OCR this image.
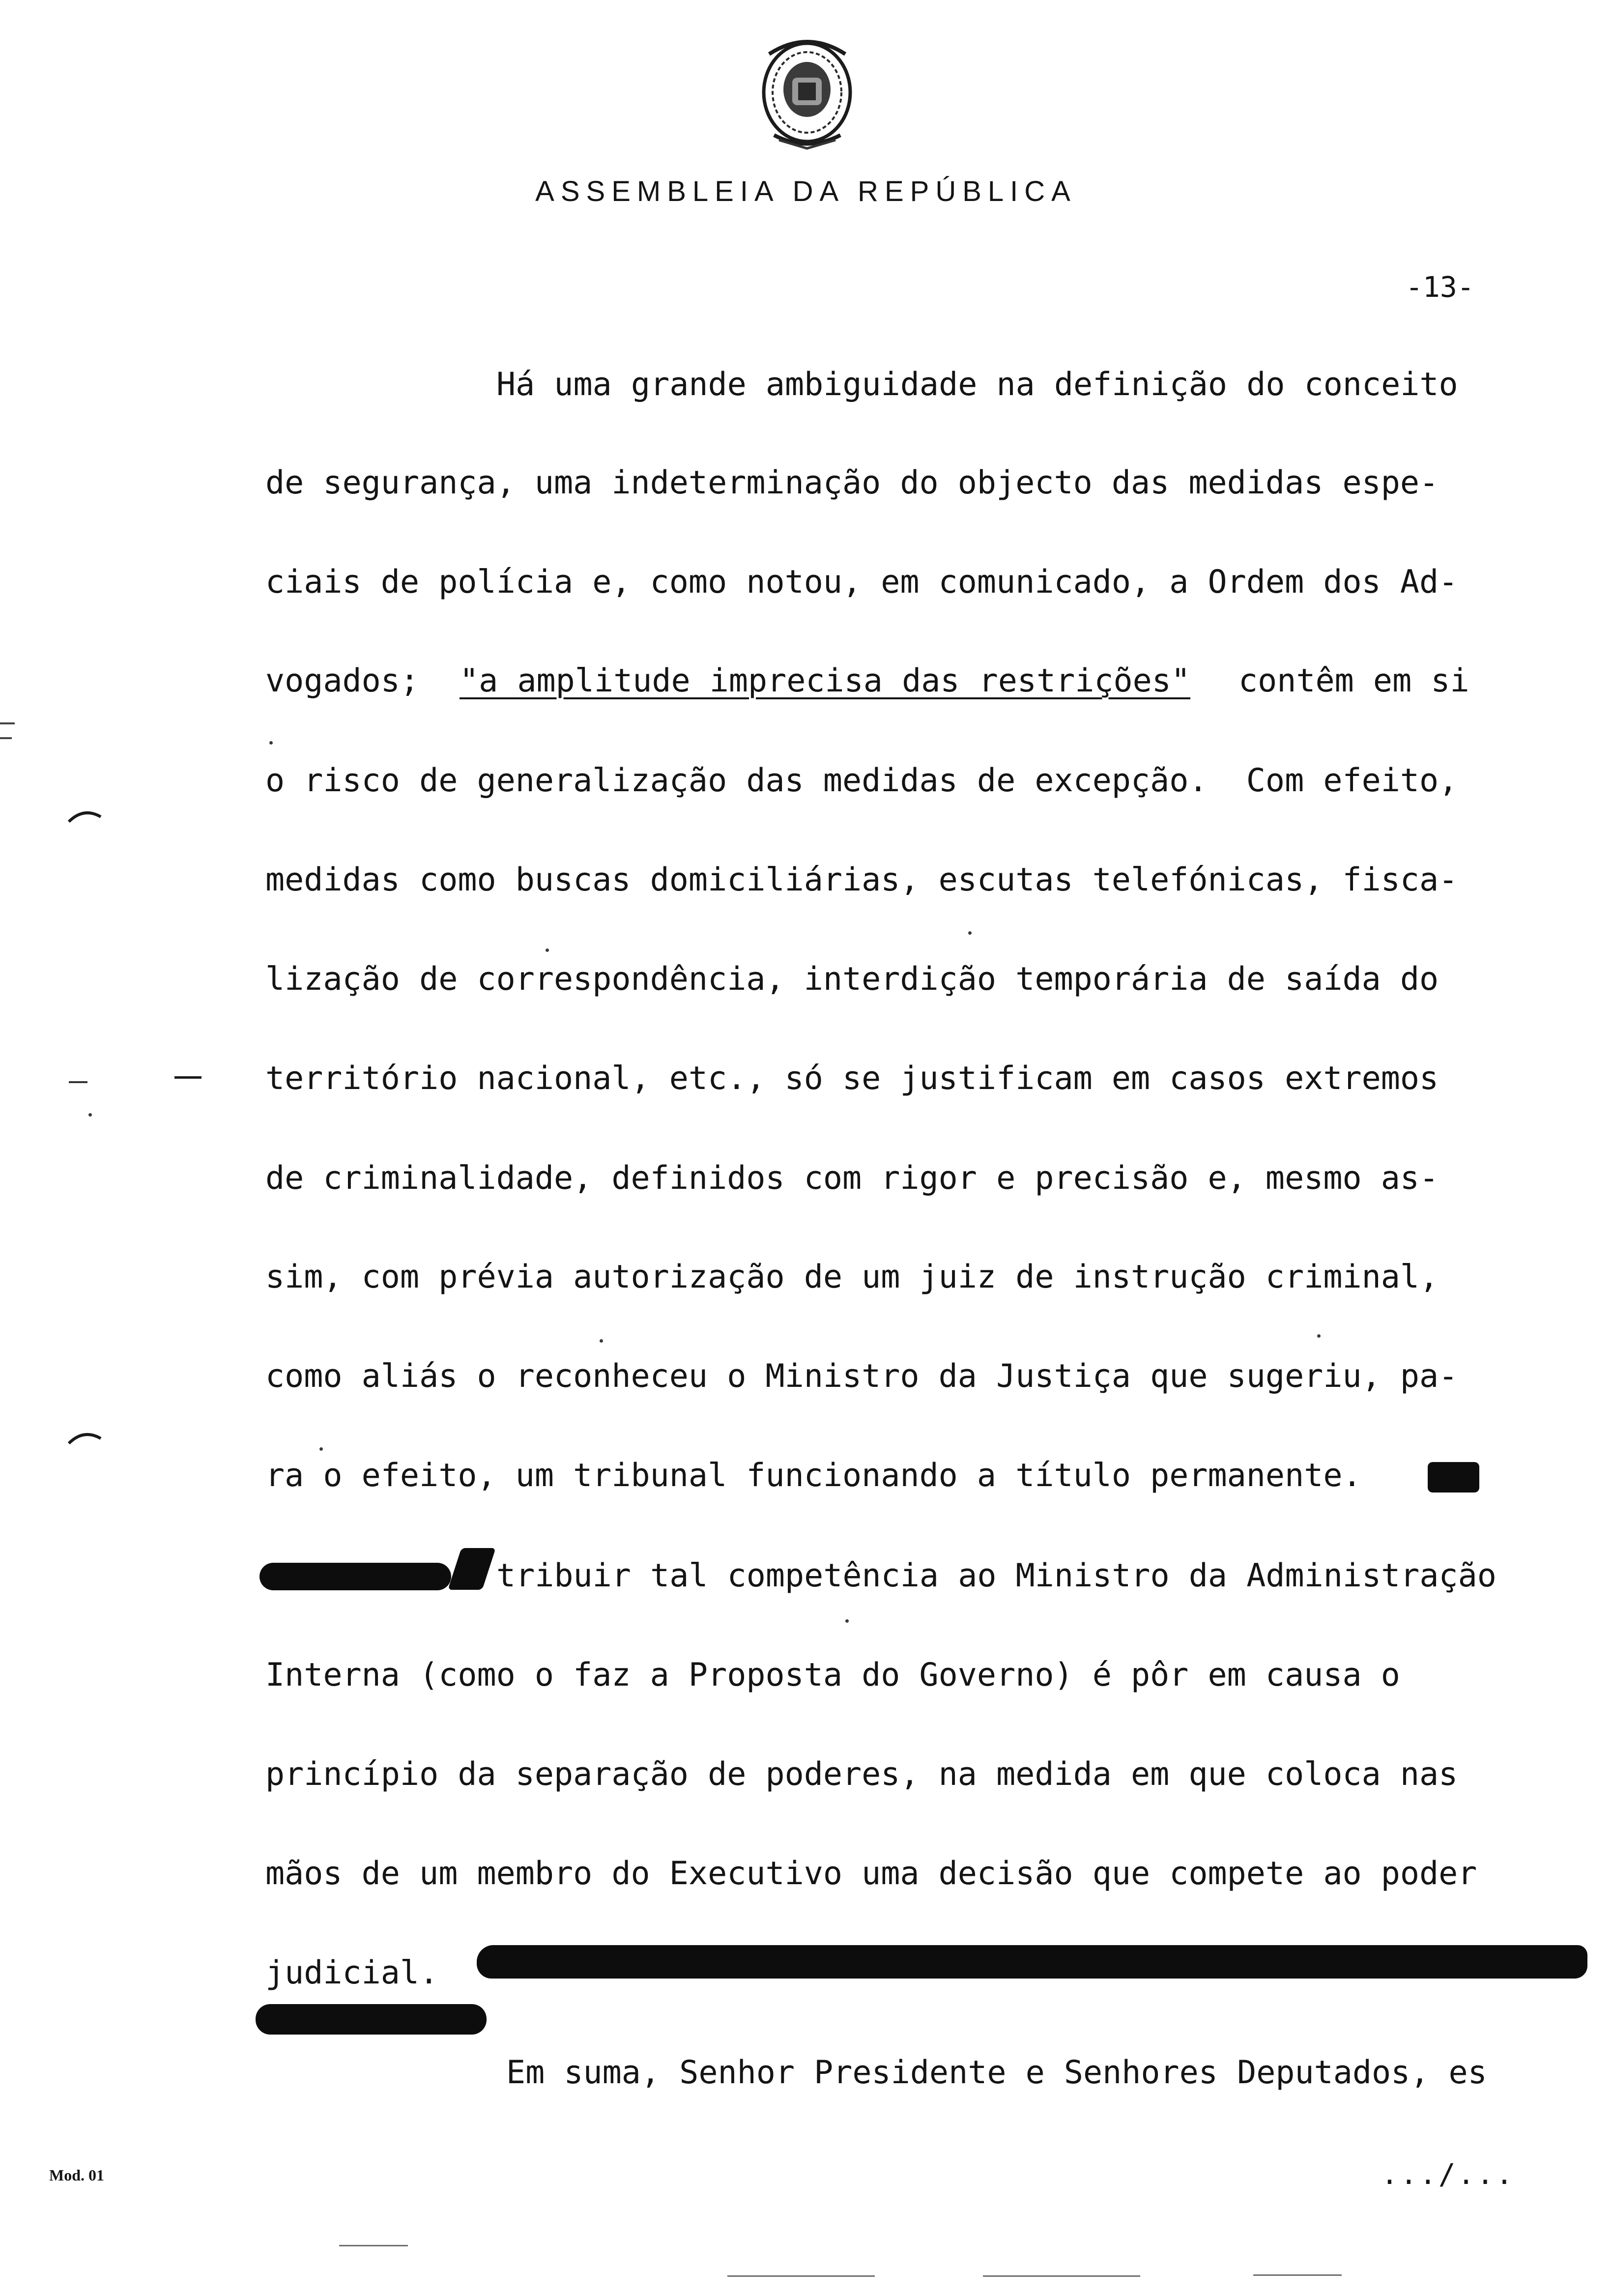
ASSEMBLEIA DA REPÚBLICA
-13-
Há uma grande ambiguidade na definição do conceito
de segurança, uma indeterminação do objecto das medidas espe-
ciais de polícia e, como notou, em comunicado, a Ordem dos Ad-
vogados; "a amplitude imprecisa das restrições" contêm em si
o risco de generalização das medidas de excepção.  Com efeito,
medidas como buscas domiciliárias, escutas telefónicas, fisca-
lização de correspondência, interdição temporária de saída do
território nacional, etc., só se justificam em casos extremos
de criminalidade, definidos com rigor e precisão e, mesmo as-
sim, com prévia autorização de um juiz de instrução criminal,
como aliás o reconheceu o Ministro da Justiça que sugeriu, pa-
ra o efeito, um tribunal funcionando a título permanente.
tribuir tal competência ao Ministro da Administração
Interna (como o faz a Proposta do Governo) é pôr em causa o
princípio da separação de poderes, na medida em que coloca nas
mãos de um membro do Executivo uma decisão que compete ao poder
judicial.
Em suma, Senhor Presidente e Senhores Deputados, es
Mod. 01	.../...
